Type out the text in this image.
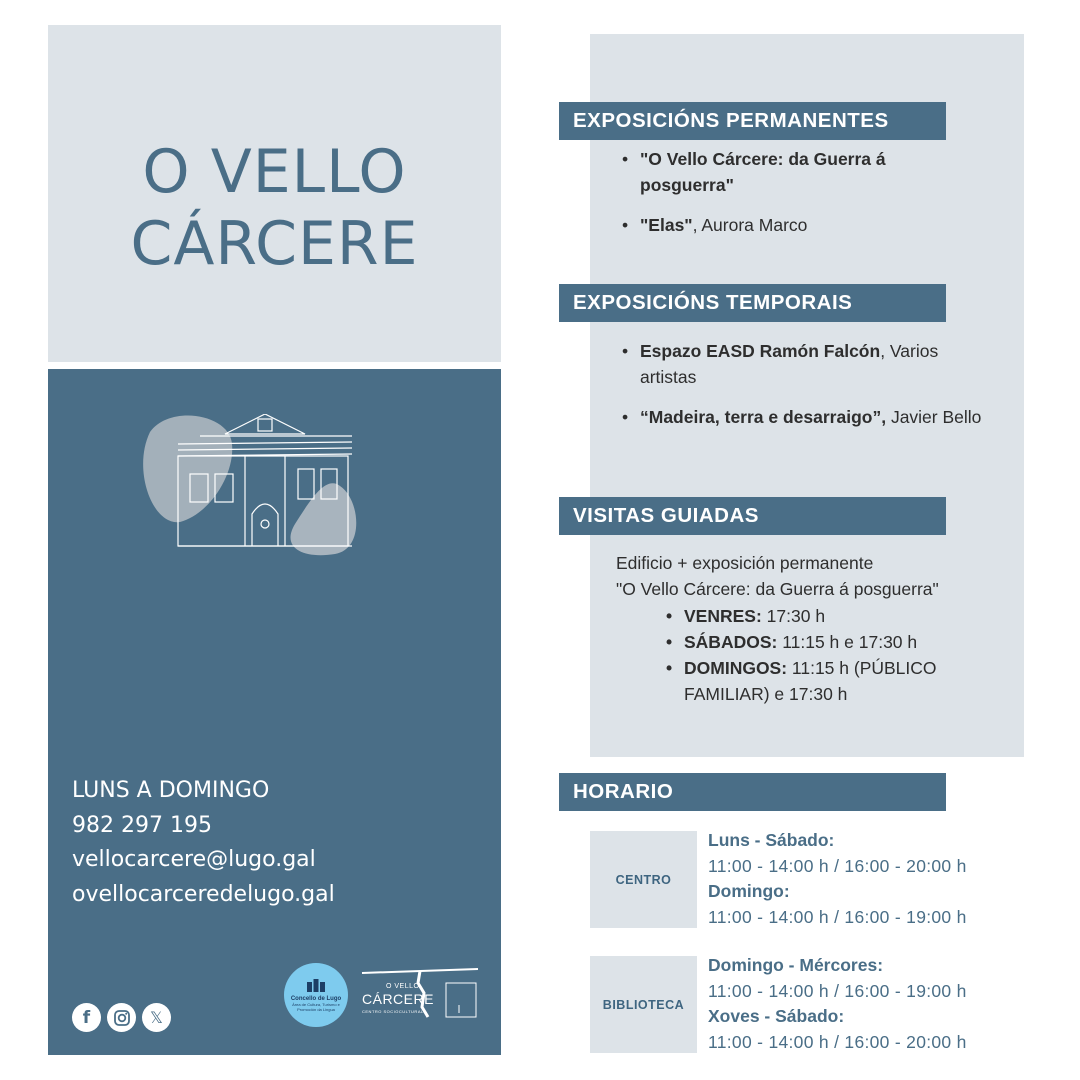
O VELLO
CÁRCERE
LUNS A DOMINGO
982 297 195
vellocarcere@lugo.gal
ovellocarceredelugo.gal
f	𝕏
Concello de Lugo
Área de Cultura, Turismo e Promoción da Lingua
O VELLO
CÁRCERE
CENTRO SOCIOCULTURAL
EXPOSICIÓNS PERMANENTES
• "O Vello Cárcere: da Guerra á posguerra"
• "Elas", Aurora Marco
EXPOSICIÓNS TEMPORAIS
• Espazo EASD Ramón Falcón, Varios artistas
• “Madeira, terra e desarraigo”, Javier Bello
VISITAS GUIADAS
Edificio + exposición permanente
"O Vello Cárcere: da Guerra á posguerra"
• VENRES: 17:30 h
• SÁBADOS: 11:15 h e 17:30 h
• DOMINGOS: 11:15 h (PÚBLICO FAMILIAR) e 17:30 h
HORARIO
CENTRO
Luns - Sábado:
11:00 - 14:00 h / 16:00 - 20:00 h
Domingo:
11:00 - 14:00 h / 16:00 - 19:00 h
BIBLIOTECA
Domingo - Mércores:
11:00 - 14:00 h / 16:00 - 19:00 h
Xoves - Sábado:
11:00 - 14:00 h / 16:00 - 20:00 h
